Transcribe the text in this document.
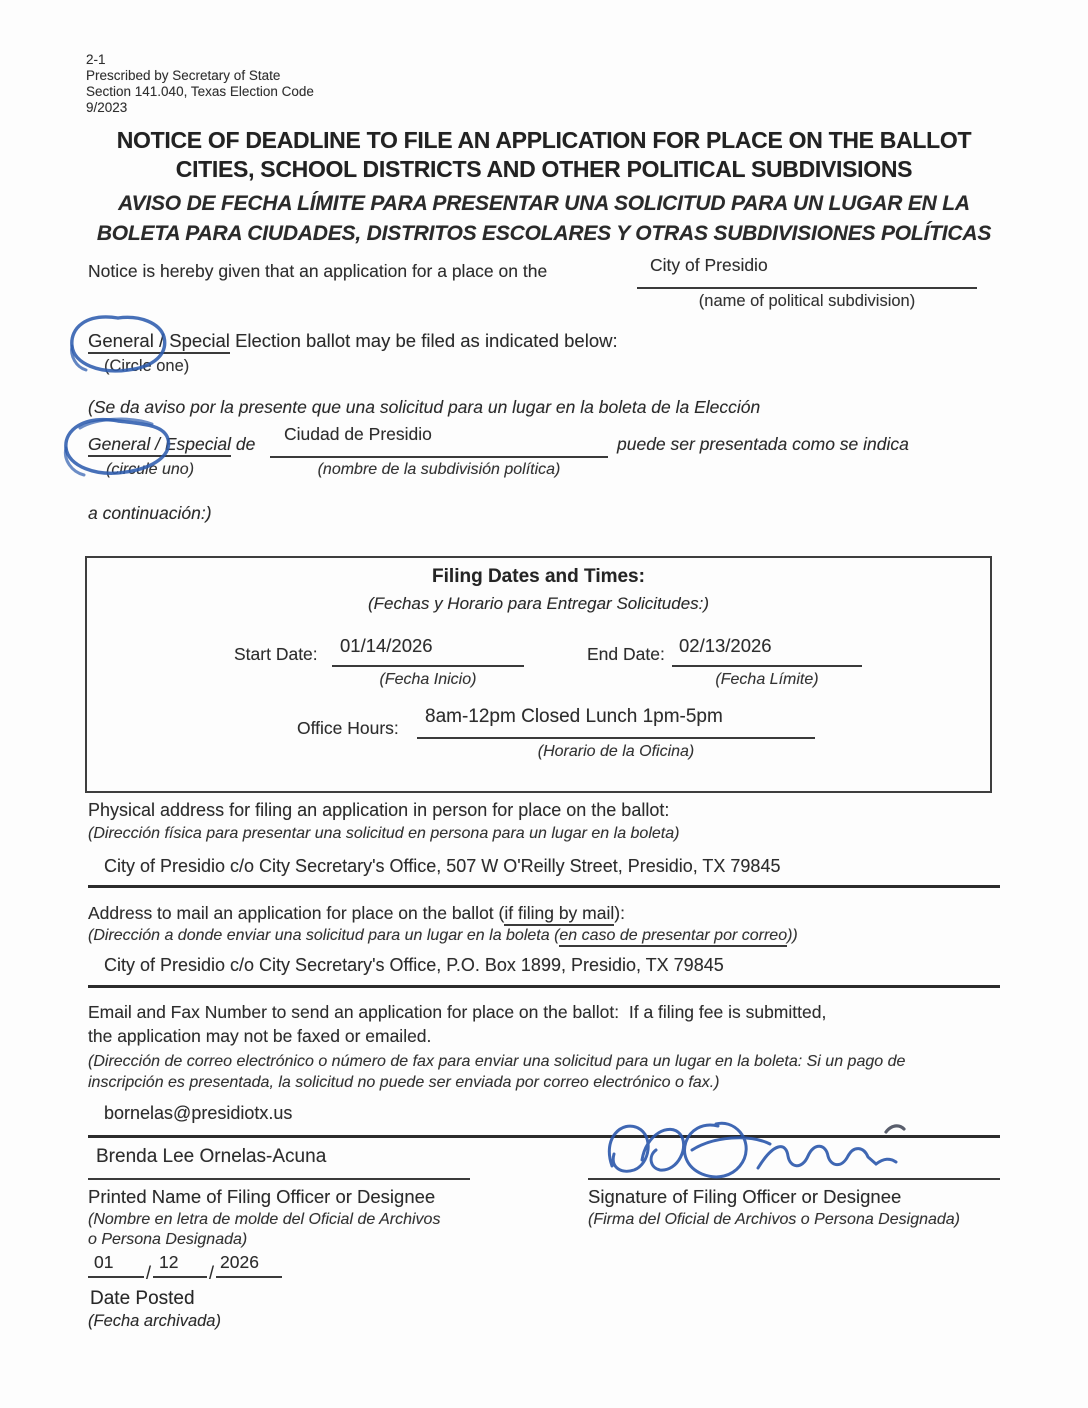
2-1
Prescribed by Secretary of State
Section 141.040, Texas Election Code
9/2023
NOTICE OF DEADLINE TO FILE AN APPLICATION FOR PLACE ON THE BALLOT
CITIES, SCHOOL DISTRICTS AND OTHER POLITICAL SUBDIVISIONS
AVISO DE FECHA LÍMITE PARA PRESENTAR UNA SOLICITUD PARA UN LUGAR EN LA
BOLETA PARA CIUDADES, DISTRITOS ESCOLARES Y OTRAS SUBDIVISIONES POLÍTICAS
Notice is hereby given that an application for a place on the	City of Presidio
(name of political subdivision)
General / Special Election ballot may be filed as indicated below:
(Circle one)
(Se da aviso por la presente que una solicitud para un lugar en la boleta de la Elección
Ciudad de Presidio
General / Especial de	puede ser presentada como se indica
(circule uno)	(nombre de la subdivisión política)
a continuación:)
Filing Dates and Times:
(Fechas y Horario para Entregar Solicitudes:)
Start Date: 01/14/2026
(Fecha Inicio)
End Date: 02/13/2026
(Fecha Límite)
Office Hours:
8am-12pm Closed Lunch 1pm-5pm
(Horario de la Oficina)
Physical address for filing an application in person for place on the ballot:
(Dirección física para presentar una solicitud en persona para un lugar en la boleta)
City of Presidio c/o City Secretary's Office, 507 W O'Reilly Street, Presidio, TX 79845
Address to mail an application for place on the ballot (if filing by mail):
(Dirección a donde enviar una solicitud para un lugar en la boleta (en caso de presentar por correo))
City of Presidio c/o City Secretary's Office, P.O. Box 1899, Presidio, TX 79845
Email and Fax Number to send an application for place on the ballot:  If a filing fee is submitted,
the application may not be faxed or emailed.
(Dirección de correo electrónico o número de fax para enviar una solicitud para un lugar en la boleta: Si un pago de
inscripción es presentada, la solicitud no puede ser enviada por correo electrónico o fax.)
bornelas@presidiotx.us
Brenda Lee Ornelas-Acuna
Printed Name of Filing Officer or Designee	Signature of Filing Officer or Designee
(Nombre en letra de molde del Oficial de Archivos
o Persona Designada)
(Firma del Oficial de Archivos o Persona Designada)
01
/
12
/
2026
Date Posted
(Fecha archivada)
